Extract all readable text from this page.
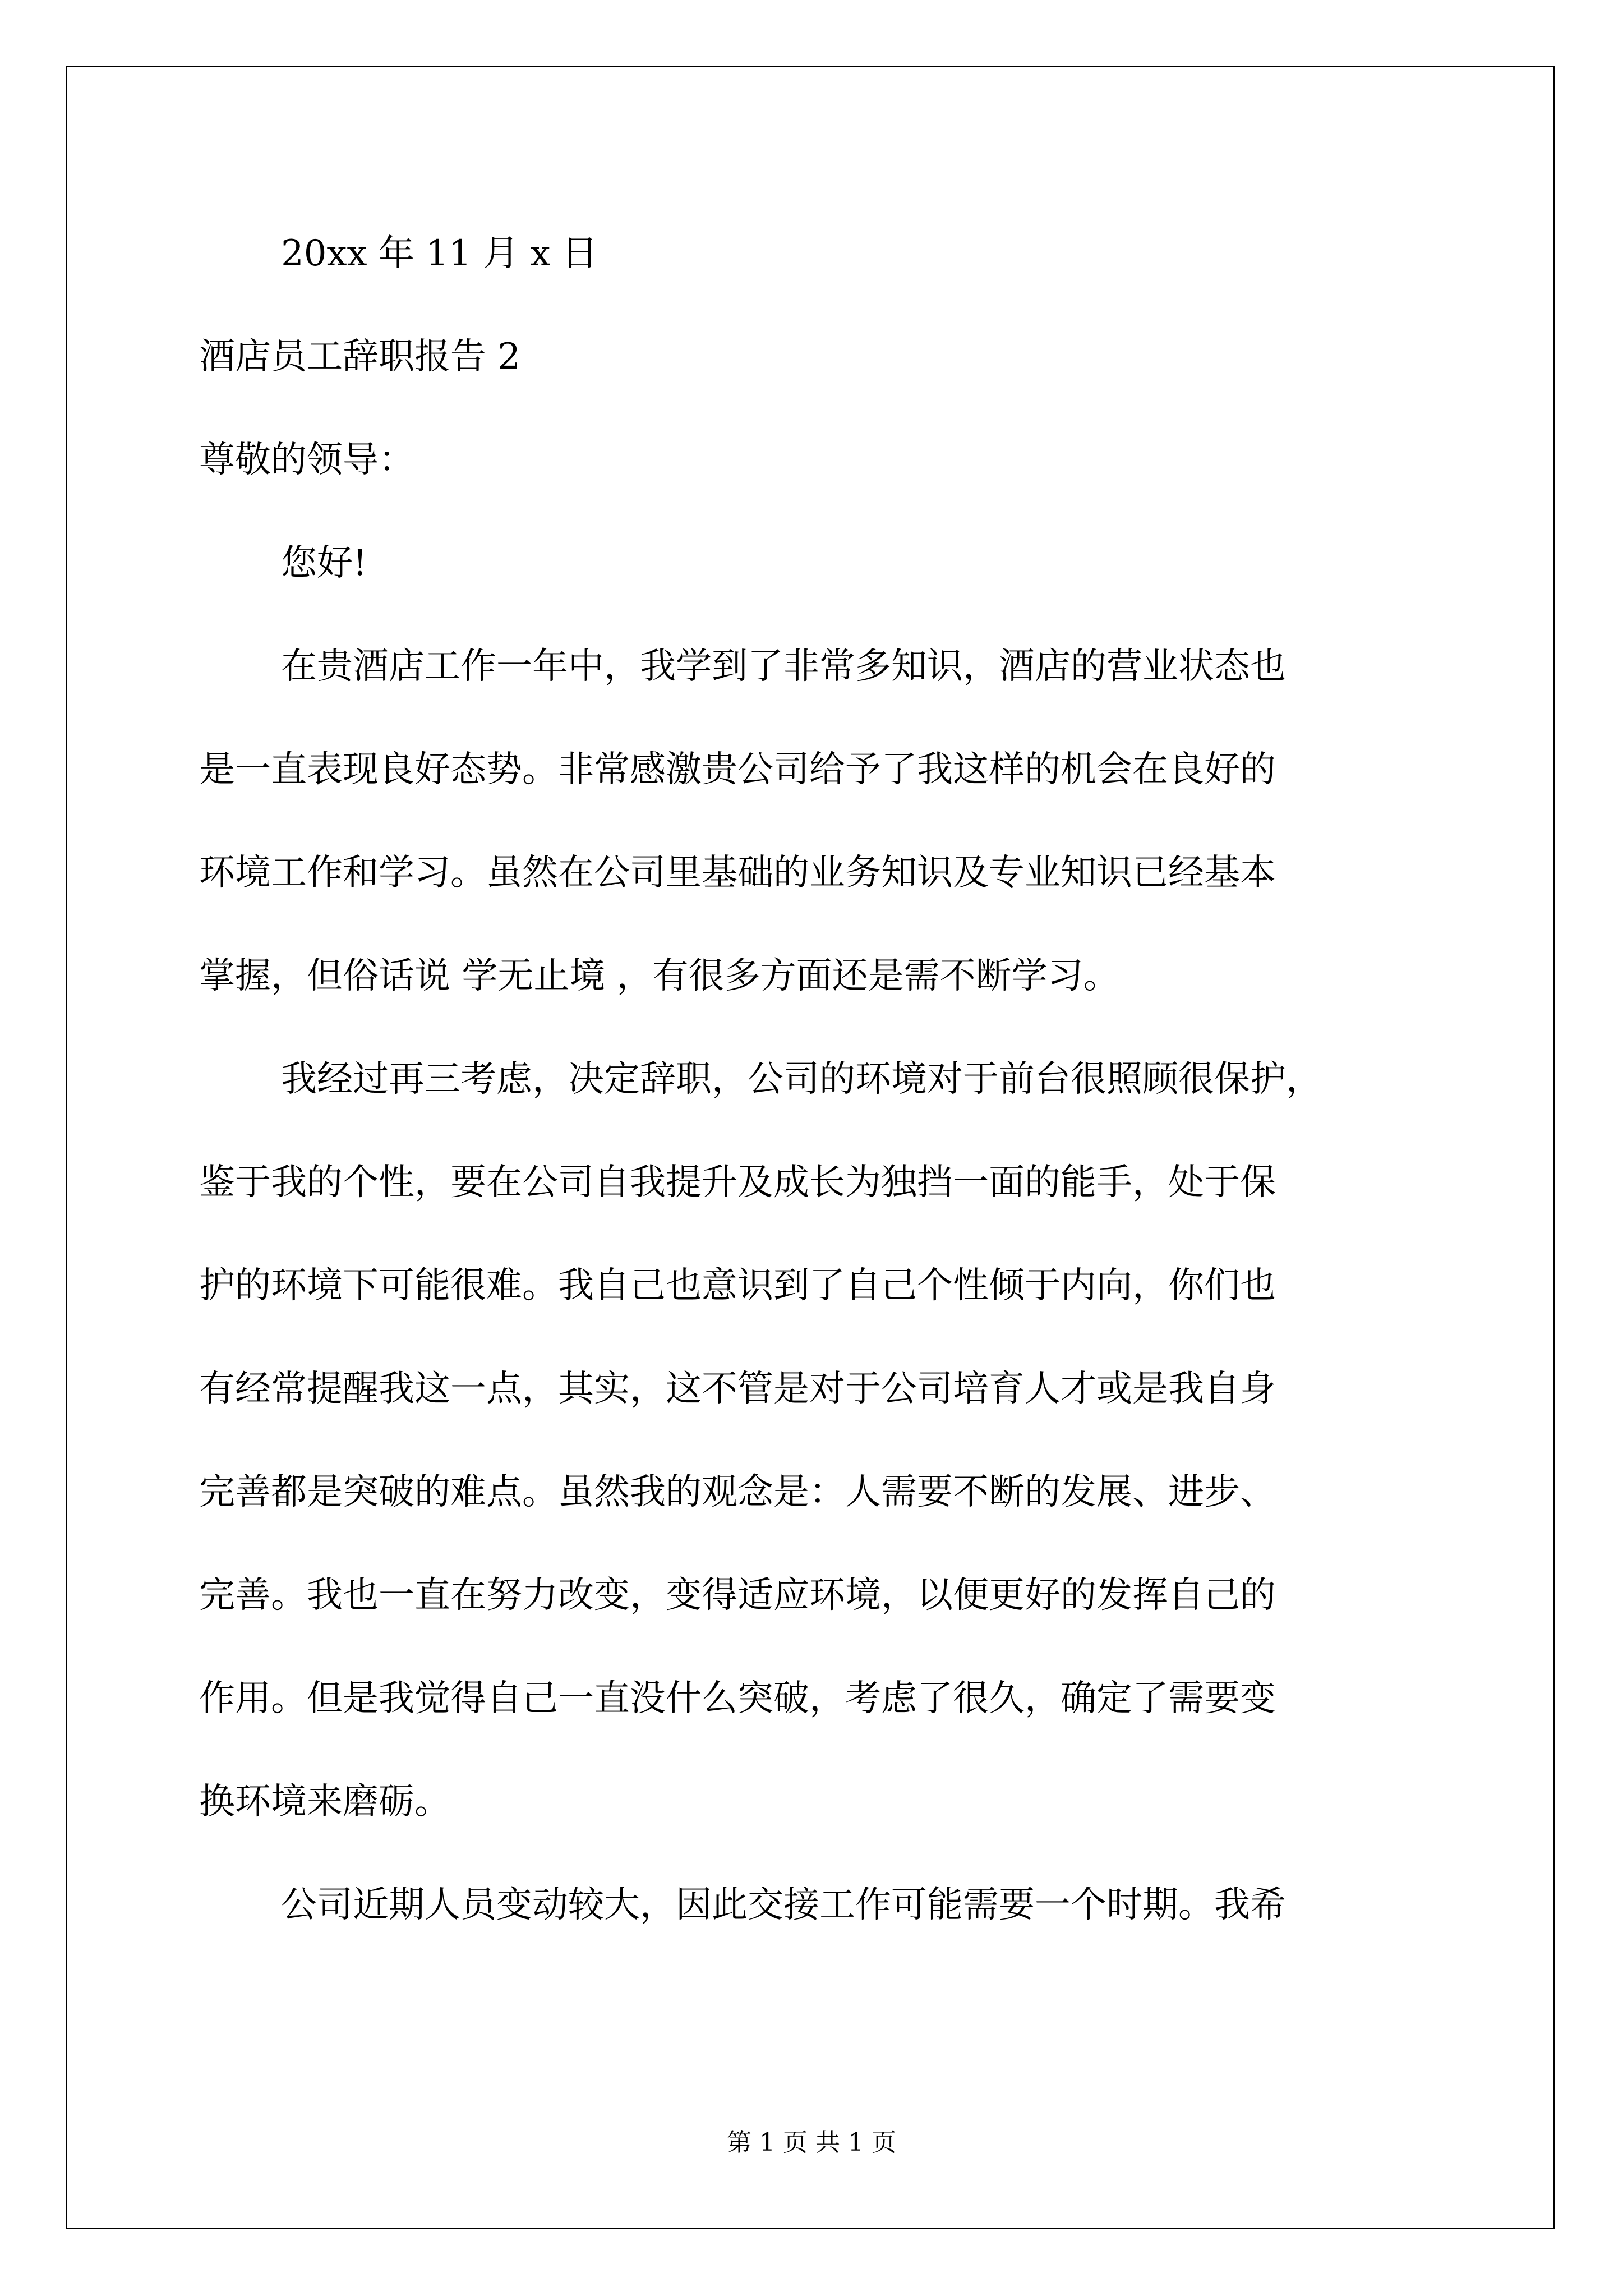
20xx 年 11 月 x 日
酒店员工辞职报告 2
尊敬的领导：
您好!
在贵酒店工作一年中，我学到了非常多知识，酒店的营业状态也
是一直表现良好态势。非常感激贵公司给予了我这样的机会在良好的
环境工作和学习。虽然在公司里基础的业务知识及专业知识已经基本
掌握，但俗话说 学无止境 ，有很多方面还是需不断学习。
我经过再三考虑，决定辞职，公司的环境对于前台很照顾很保护，
鉴于我的个性，要在公司自我提升及成长为独挡一面的能手，处于保
护的环境下可能很难。我自己也意识到了自己个性倾于内向，你们也
有经常提醒我这一点，其实，这不管是对于公司培育人才或是我自身
完善都是突破的难点。虽然我的观念是：人需要不断的发展、进步、
完善。我也一直在努力改变，变得适应环境，以便更好的发挥自己的
作用。但是我觉得自己一直没什么突破，考虑了很久，确定了需要变
换环境来磨砺。
公司近期人员变动较大，因此交接工作可能需要一个时期。我希
第 1 页 共 1 页
